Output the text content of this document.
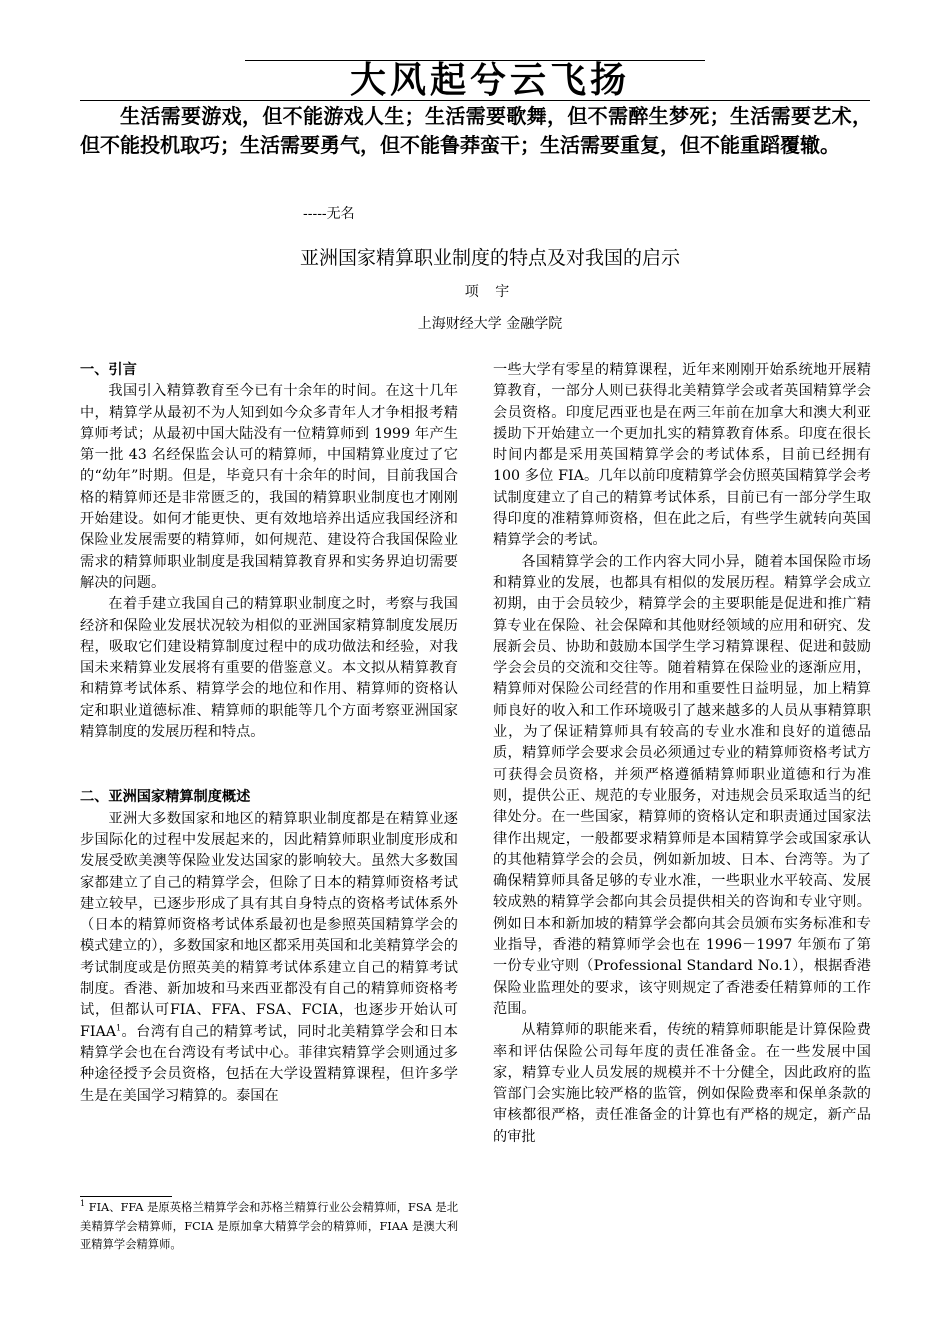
大风起兮云飞扬
生活需要游戏，但不能游戏人生；生活需要歌舞，但不需醉生梦死；生活需要艺术，但不能投机取巧；生活需要勇气，但不能鲁莽蛮干；生活需要重复，但不能重蹈覆辙。
-----无名
亚洲国家精算职业制度的特点及对我国的启示
项 宇
上海财经大学 金融学院
一、引言

我国引入精算教育至今已有十余年的时间。在这十几年中，精算学从最初不为人知到如今众多青年人才争相报考精算师考试；从最初中国大陆没有一位精算师到 1999 年产生第一批 43 名经保监会认可的精算师，中国精算业度过了它的“幼年”时期。但是，毕竟只有十余年的时间，目前我国合格的精算师还是非常匮乏的，我国的精算职业制度也才刚刚开始建设。如何才能更快、更有效地培养出适应我国经济和保险业发展需要的精算师，如何规范、建设符合我国保险业需求的精算师职业制度是我国精算教育界和实务界迫切需要解决的问题。

在着手建立我国自己的精算职业制度之时，考察与我国经济和保险业发展状况较为相似的亚洲国家精算制度发展历程，吸取它们建设精算制度过程中的成功做法和经验，对我国未来精算业发展将有重要的借鉴意义。本文拟从精算教育和精算考试体系、精算学会的地位和作用、精算师的资格认定和职业道德标准、精算师的职能等几个方面考察亚洲国家精算制度的发展历程和特点。

二、亚洲国家精算制度概述

亚洲大多数国家和地区的精算职业制度都是在精算业逐步国际化的过程中发展起来的，因此精算师职业制度形成和发展受欧美澳等保险业发达国家的影响较大。虽然大多数国家都建立了自己的精算学会，但除了日本的精算师资格考试建立较早，已逐步形成了具有其自身特点的资格考试体系外（日本的精算师资格考试体系最初也是参照英国精算学会的模式建立的），多数国家和地区都采用英国和北美精算学会的考试制度或是仿照英美的精算考试体系建立自己的精算考试制度。香港、新加坡和马来西亚都没有自己的精算师资格考试，但都认可FIA、FFA、FSA、FCIA，也逐步开始认可 FIAA$^1$。台湾有自己的精算考试，同时北美精算学会和日本精算学会也在台湾设有考试中心。菲律宾精算学会则通过多种途径授予会员资格，包括在大学设置精算课程，但许多学生是在美国学习精算的。泰国在

$^1$ FIA、FFA 是原英格兰精算学会和苏格兰精算行业公会精算师，FSA 是北美精算学会精算师，FCIA 是原加拿大精算学会的精算师，FIAA 是澳大利亚精算学会精算师。

一些大学有零星的精算课程，近年来刚刚开始系统地开展精算教育，一部分人则已获得北美精算学会或者英国精算学会会员资格。印度尼西亚也是在两三年前在加拿大和澳大利亚援助下开始建立一个更加扎实的精算教育体系。印度在很长时间内都是采用英国精算学会的考试体系，目前已经拥有 100 多位 FIA。几年以前印度精算学会仿照英国精算学会考试制度建立了自己的精算考试体系，目前已有一部分学生取得印度的准精算师资格，但在此之后，有些学生就转向英国精算学会的考试。

各国精算学会的工作内容大同小异，随着本国保险市场和精算业的发展，也都具有相似的发展历程。精算学会成立初期，由于会员较少，精算学会的主要职能是促进和推广精算专业在保险、社会保障和其他财经领域的应用和研究、发展新会员、协助和鼓励本国学生学习精算课程、促进和鼓励学会会员的交流和交往等。随着精算在保险业的逐渐应用，精算师对保险公司经营的作用和重要性日益明显，加上精算师良好的收入和工作环境吸引了越来越多的人员从事精算职业，为了保证精算师具有较高的专业水准和良好的道德品质，精算师学会要求会员必须通过专业的精算师资格考试方可获得会员资格，并须严格遵循精算师职业道德和行为准则，提供公正、规范的专业服务，对违规会员采取适当的纪律处分。在一些国家，精算师的资格认定和职责通过国家法律作出规定，一般都要求精算师是本国精算学会或国家承认的其他精算学会的会员，例如新加坡、日本、台湾等。为了确保精算师具备足够的专业水准，一些职业水平较高、发展较成熟的精算学会都向其会员提供相关的咨询和专业守则。例如日本和新加坡的精算学会都向其会员颁布实务标准和专业指导，香港的精算师学会也在 1996－1997 年颁布了第一份专业守则（Professional Standard No.1），根据香港保险业监理处的要求，该守则规定了香港委任精算师的工作范围。

从精算师的职能来看，传统的精算师职能是计算保险费率和评估保险公司每年度的责任准备金。在一些发展中国家，精算专业人员发展的规模并不十分健全，因此政府的监管部门会实施比较严格的监管，例如保险费率和保单条款的审核都很严格，责任准备金的计算也有严格的规定，新产品的审批
